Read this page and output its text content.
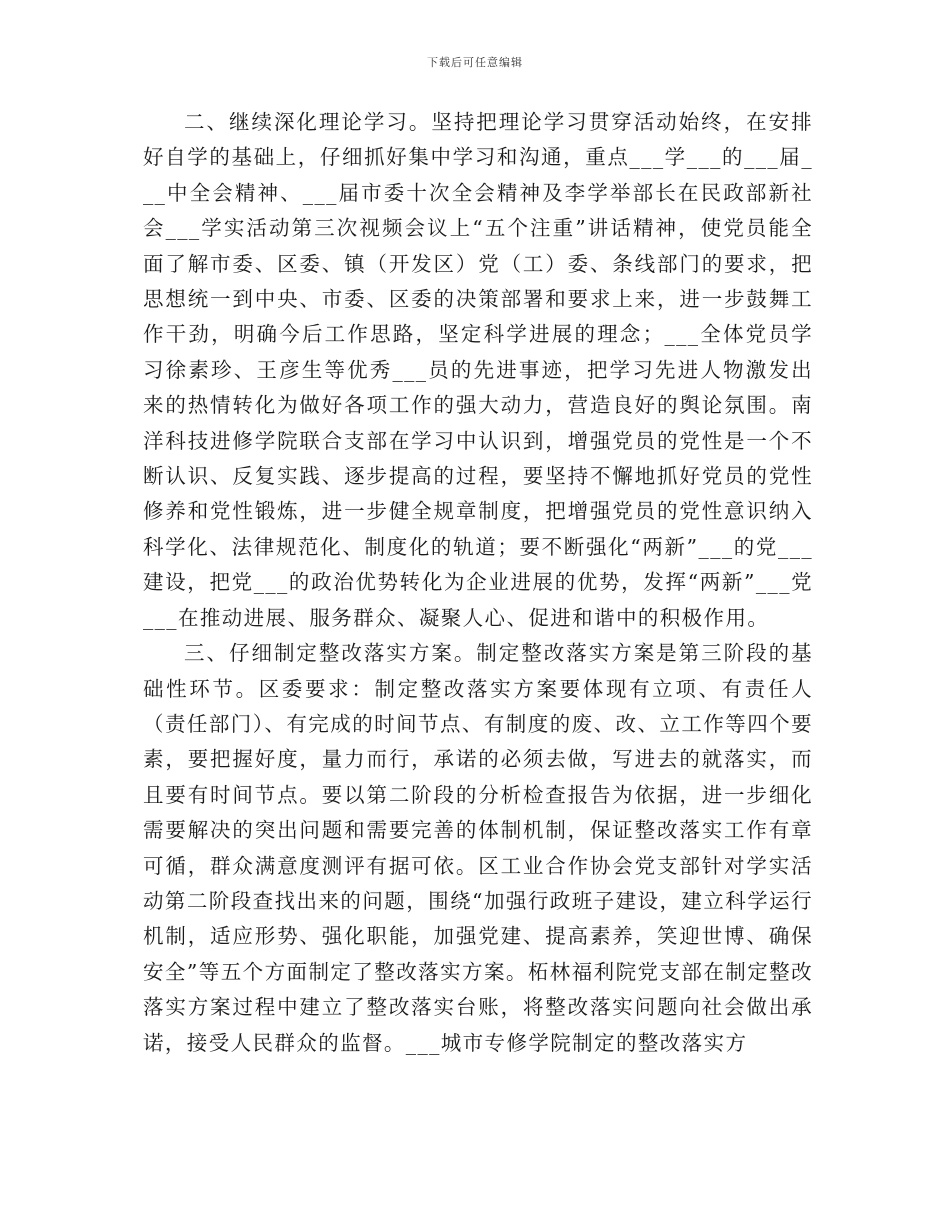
下载后可任意编辑

二、继续深化理论学习。坚持把理论学习贯穿活动始终，在安排好自学的基础上，仔细抓好集中学习和沟通，重点___学___的___届___中全会精神、___届市委十次全会精神及李学举部长在民政部新社会___学实活动第三次视频会议上“五个注重”讲话精神，使党员能全面了解市委、区委、镇（开发区）党（工）委、条线部门的要求，把思想统一到中央、市委、区委的决策部署和要求上来，进一步鼓舞工作干劲，明确今后工作思路，坚定科学进展的理念；___全体党员学习徐素珍、王彦生等优秀___员的先进事迹，把学习先进人物激发出来的热情转化为做好各项工作的强大动力，营造良好的舆论氛围。南洋科技进修学院联合支部在学习中认识到，增强党员的党性是一个不断认识、反复实践、逐步提高的过程，要坚持不懈地抓好党员的党性修养和党性锻炼，进一步健全规章制度，把增强党员的党性意识纳入科学化、法律规范化、制度化的轨道；要不断强化“两新”___的党___建设，把党___的政治优势转化为企业进展的优势，发挥“两新”___党___在推动进展、服务群众、凝聚人心、促进和谐中的积极作用。

三、仔细制定整改落实方案。制定整改落实方案是第三阶段的基础性环节。区委要求：制定整改落实方案要体现有立项、有责任人（责任部门）、有完成的时间节点、有制度的废、改、立工作等四个要素，要把握好度，量力而行，承诺的必须去做，写进去的就落实，而且要有时间节点。要以第二阶段的分析检查报告为依据，进一步细化需要解决的突出问题和需要完善的体制机制，保证整改落实工作有章可循，群众满意度测评有据可依。区工业合作协会党支部针对学实活动第二阶段查找出来的问题，围绕“加强行政班子建设，建立科学运行机制，适应形势、强化职能，加强党建、提高素养，笑迎世博、确保安全”等五个方面制定了整改落实方案。柘林福利院党支部在制定整改落实方案过程中建立了整改落实台账，将整改落实问题向社会做出承诺，接受人民群众的监督。___城市专修学院制定的整改落实方
